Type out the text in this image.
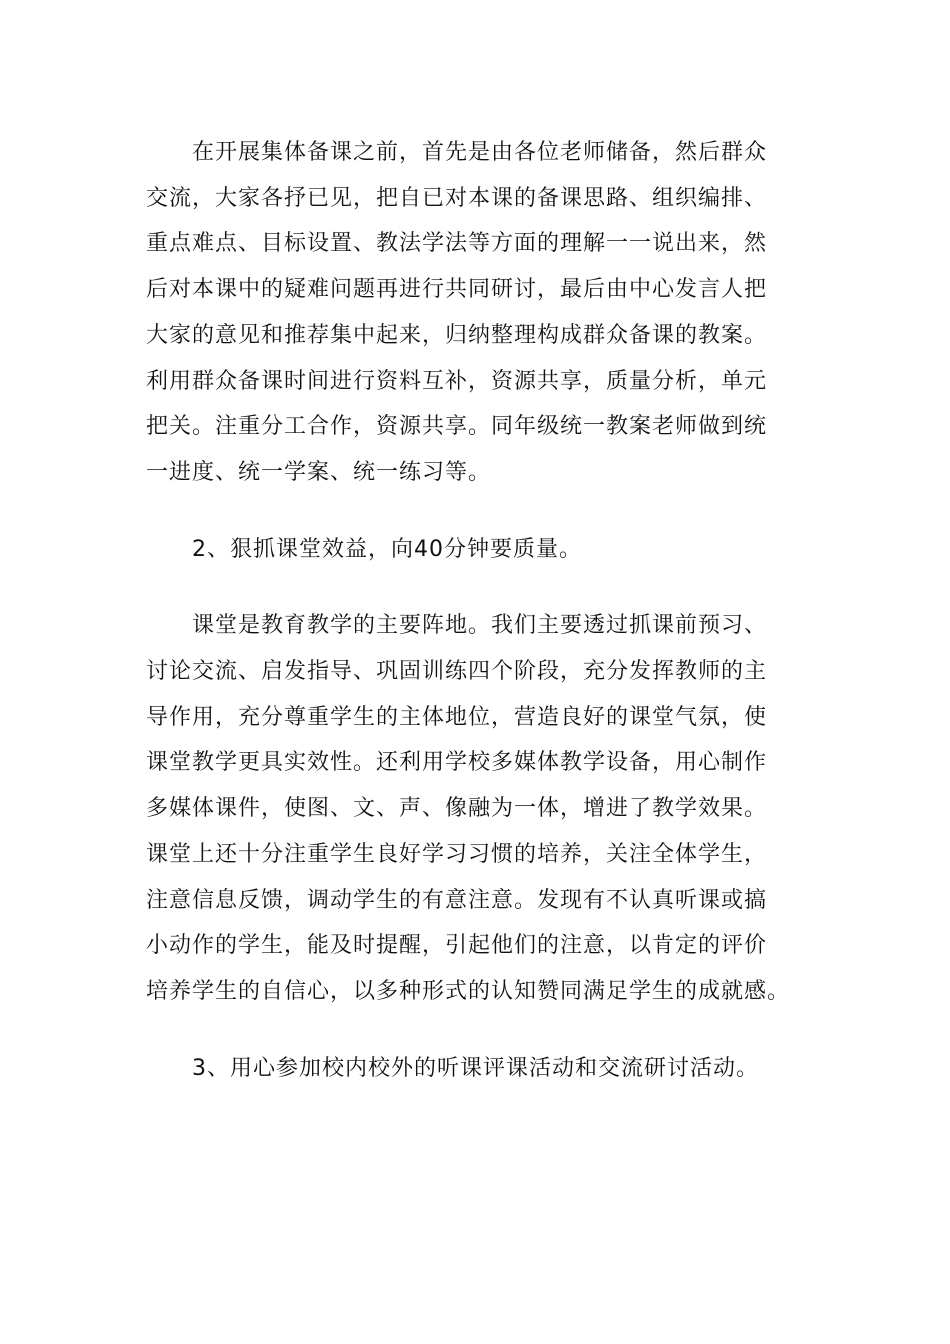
在开展集体备课之前，首先是由各位老师储备，然后群众
交流，大家各抒已见，把自已对本课的备课思路、组织编排、
重点难点、目标设置、教法学法等方面的理解一一说出来，然
后对本课中的疑难问题再进行共同研讨，最后由中心发言人把
大家的意见和推荐集中起来，归纳整理构成群众备课的教案。
利用群众备课时间进行资料互补，资源共享，质量分析，单元
把关。注重分工合作，资源共享。同年级统一教案老师做到统
一进度、统一学案、统一练习等。

2、狠抓课堂效益，向40分钟要质量。

课堂是教育教学的主要阵地。我们主要透过抓课前预习、
讨论交流、启发指导、巩固训练四个阶段，充分发挥教师的主
导作用，充分尊重学生的主体地位，营造良好的课堂气氛，使
课堂教学更具实效性。还利用学校多媒体教学设备，用心制作
多媒体课件，使图、文、声、像融为一体，增进了教学效果。
课堂上还十分注重学生良好学习习惯的培养，关注全体学生，
注意信息反馈，调动学生的有意注意。发现有不认真听课或搞
小动作的学生，能及时提醒，引起他们的注意，以肯定的评价
培养学生的自信心，以多种形式的认知赞同满足学生的成就感。

3、用心参加校内校外的听课评课活动和交流研讨活动。
